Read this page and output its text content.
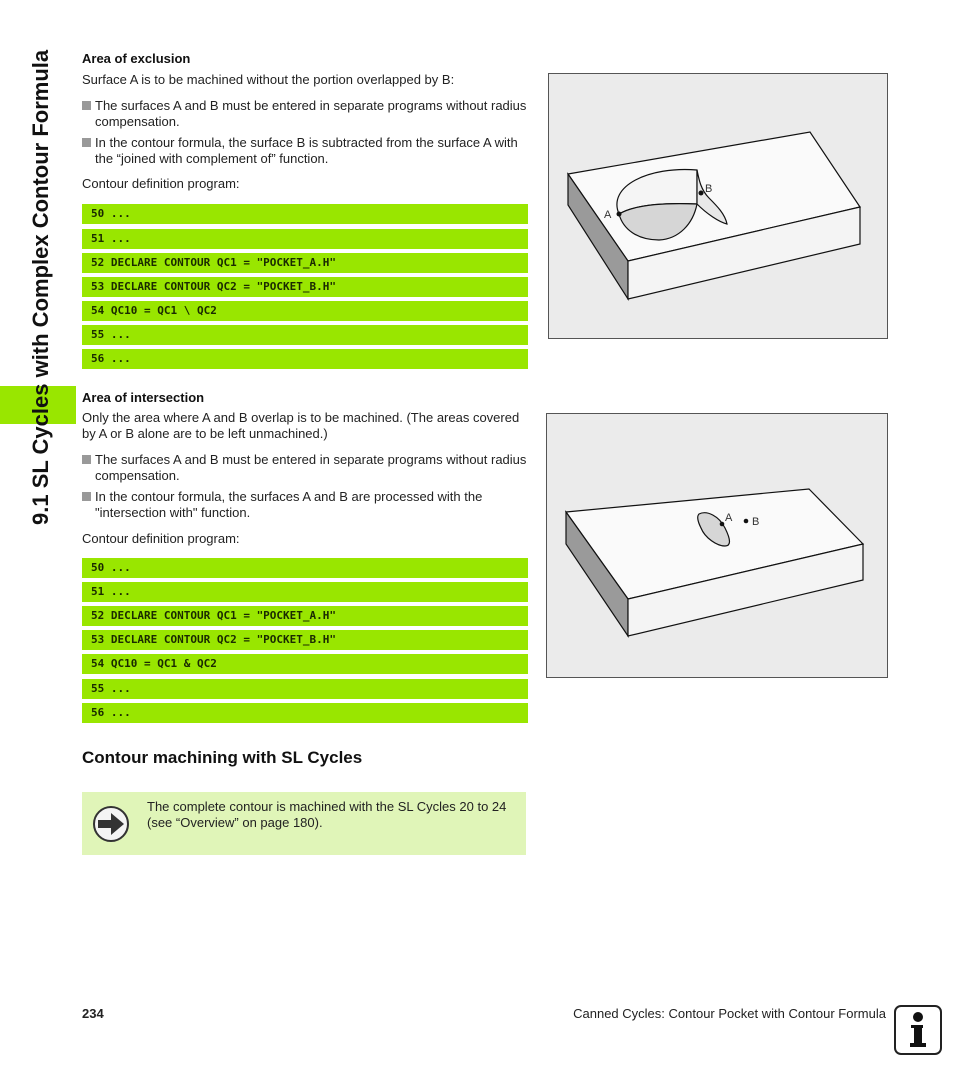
9.1 SL Cycles with Complex Contour Formula	Area of exclusion
Surface A is to be machined without the portion overlapped by B:
The surfaces A and B must be entered in separate programs without radius compensation.
In the contour formula, the surface B is subtracted from the surface A with the “joined with complement of” function.
Contour definition program:
50 ...
51 ...
52 DECLARE CONTOUR QC1 = "POCKET_A.H"
53 DECLARE CONTOUR QC2 = "POCKET_B.H"
54 QC10 = QC1 \ QC2
55 ...
56 ...
A
B
Area of intersection
Only the area where A and B overlap is to be machined. (The areas covered by A or B alone are to be left unmachined.)
The surfaces A and B must be entered in separate programs without radius compensation.
In the contour formula, the surfaces A and B are processed with the "intersection with" function.
Contour definition program:
50 ...
51 ...
52 DECLARE CONTOUR QC1 = "POCKET_A.H"
53 DECLARE CONTOUR QC2 = "POCKET_B.H"
54 QC10 = QC1 & QC2
55 ...
56 ...
A B
Contour machining with SL Cycles
The complete contour is machined with the SL Cycles 20 to 24 (see “Overview” on page 180).
234	Canned Cycles: Contour Pocket with Contour Formula
